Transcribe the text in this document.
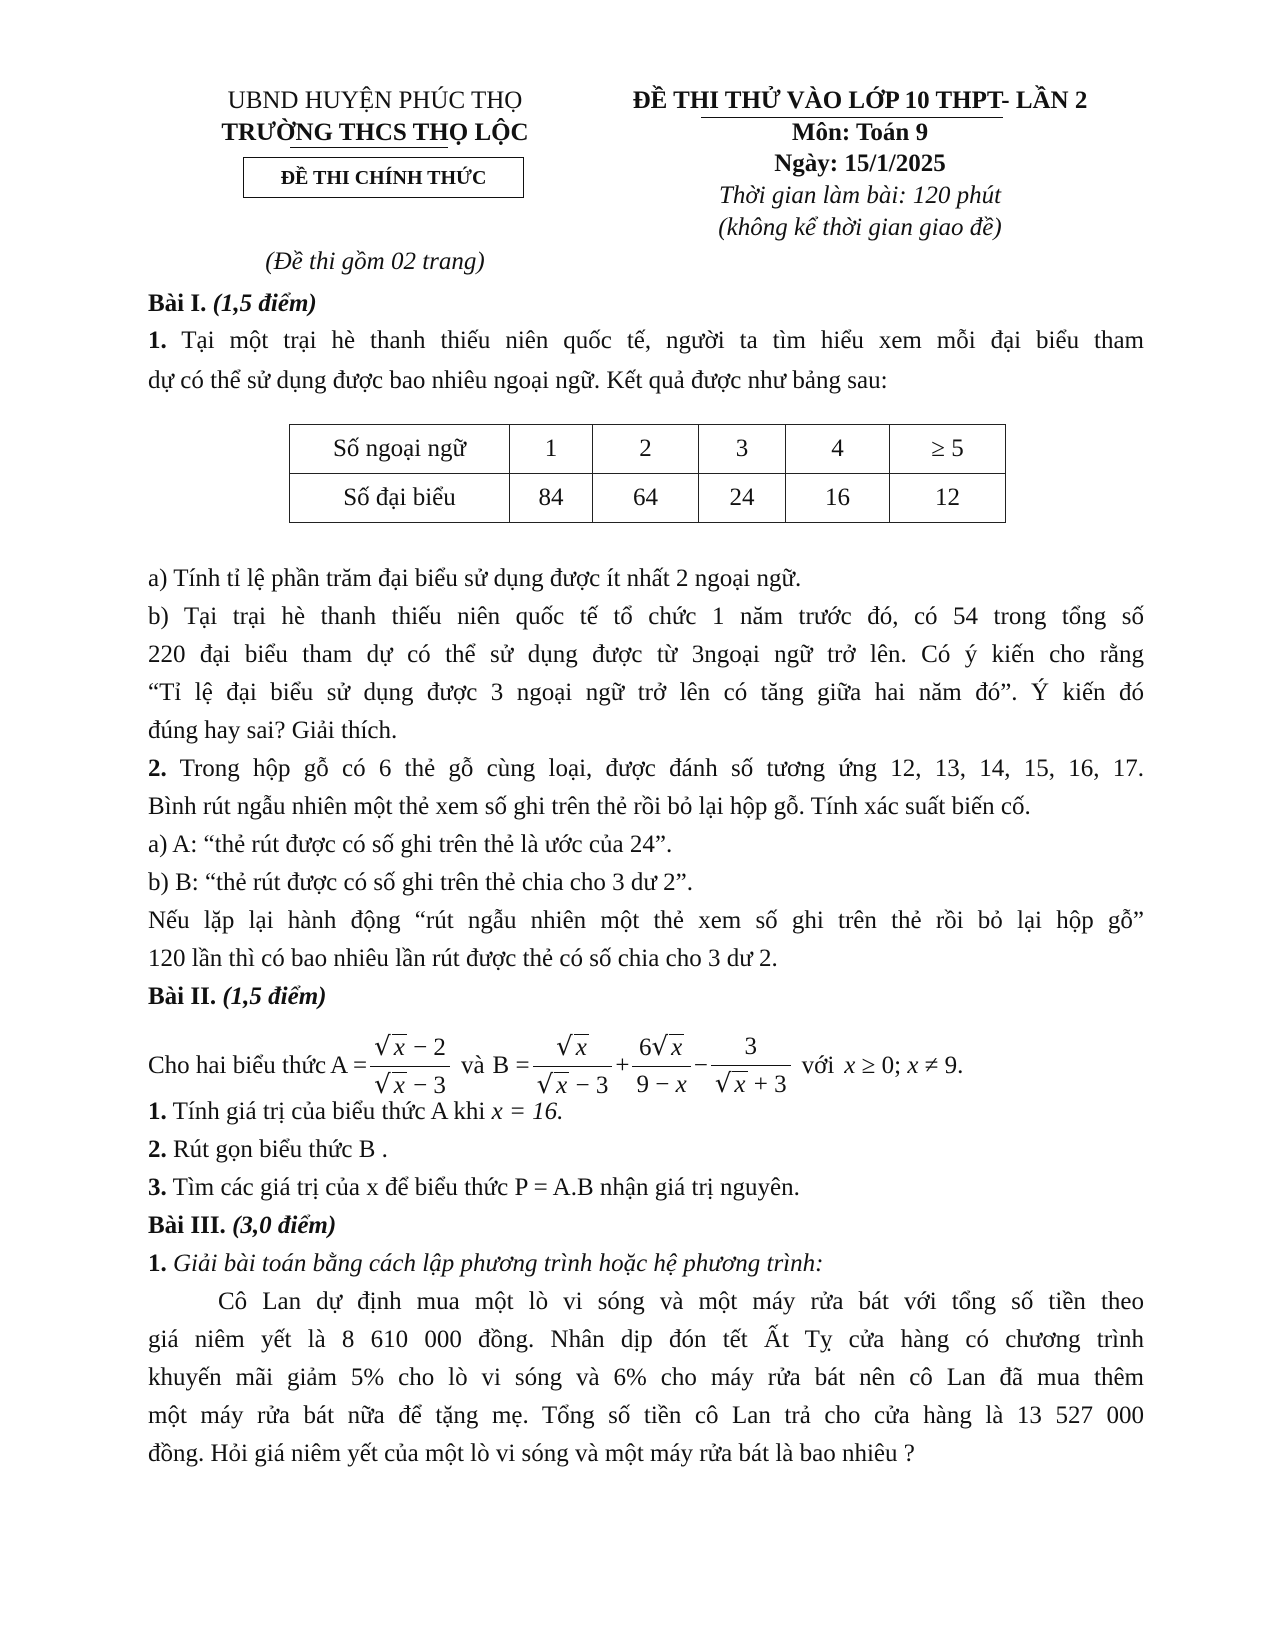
UBND HUYỆN PHÚC THỌ
TRƯỜNG THCS THỌ LỘC
ĐỀ THI CHÍNH THỨC
(Đề thi gồm 02 trang)
ĐỀ THI THỬ VÀO LỚP 10 THPT- LẦN 2
Môn: Toán 9
Ngày: 15/1/2025
Thời gian làm bài: 120 phút
(không kể thời gian giao đề)
Bài I. (1,5 điểm)
1. Tại một trại hè thanh thiếu niên quốc tế, người ta tìm hiểu xem mỗi đại biểu tham
dự có thể sử dụng được bao nhiêu ngoại ngữ. Kết quả được như bảng sau:
Số ngoại ngữ	1	2	3	4	≥ 5
Số đại biểu	84	64	24	16	12
a) Tính tỉ lệ phần trăm đại biểu sử dụng được ít nhất 2 ngoại ngữ.
b) Tại trại hè thanh thiếu niên quốc tế tổ chức 1 năm trước đó, có 54 trong tổng số
220 đại biểu tham dự có thể sử dụng được từ 3ngoại ngữ trở lên. Có ý kiến cho rằng
“Tỉ lệ đại biểu sử dụng được 3 ngoại ngữ trở lên có tăng giữa hai năm đó”. Ý kiến đó
đúng hay sai? Giải thích.
2. Trong hộp gỗ có 6 thẻ gỗ cùng loại, được đánh số tương ứng 12, 13, 14, 15, 16, 17.
Bình rút ngẫu nhiên một thẻ xem số ghi trên thẻ rồi bỏ lại hộp gỗ. Tính xác suất biến cố.
a) A: “thẻ rút được có số ghi trên thẻ là ước của 24”.
b) B: “thẻ rút được có số ghi trên thẻ chia cho 3 dư 2”.
Nếu lặp lại hành động “rút ngẫu nhiên một thẻ xem số ghi trên thẻ rồi bỏ lại hộp gỗ”
120 lần thì có bao nhiêu lần rút được thẻ có số chia cho 3 dư 2.
Bài II. (1,5 điểm)
Cho hai biểu thức $A = \frac{√ x - 2}{√ x - 3}$ và $B = \frac{√ x}{√ x - 3} + \frac{6√ x}{9 - x} - \frac{3}{√ x + 3}$ với x ≥ 0; x ≠ 9.
1. Tính giá trị của biểu thức A khi x = 16.
2. Rút gọn biểu thức B .
3. Tìm các giá trị của x để biểu thức P = A.B nhận giá trị nguyên.
Bài III. (3,0 điểm)
1. Giải bài toán bằng cách lập phương trình hoặc hệ phương trình:
Cô Lan dự định mua một lò vi sóng và một máy rửa bát với tổng số tiền theo
giá niêm yết là 8 610 000 đồng. Nhân dịp đón tết Ất Tỵ cửa hàng có chương trình
khuyến mãi giảm 5% cho lò vi sóng và 6% cho máy rửa bát nên cô Lan đã mua thêm
một máy rửa bát nữa để tặng mẹ. Tổng số tiền cô Lan trả cho cửa hàng là 13 527 000
đồng. Hỏi giá niêm yết của một lò vi sóng và một máy rửa bát là bao nhiêu ?
